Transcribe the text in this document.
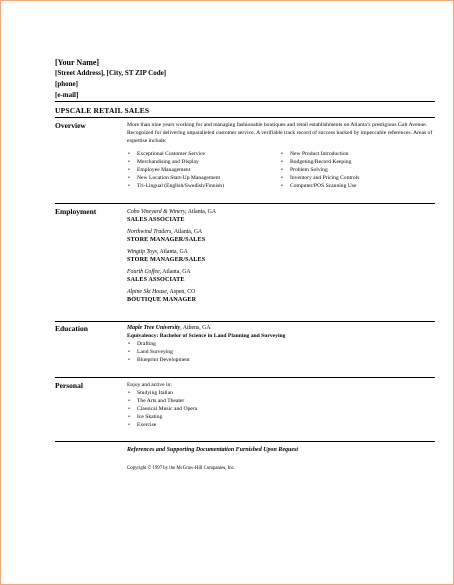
[Your Name]
[Street Address], [City, ST ZIP Code]
[phone]
[e-mail]
UPSCALE RETAIL SALES
Overview	More than nine years working for and managing fashionable boutiques and retail establishments on Atlanta’s prestigious Galt Avenue. Recognized for delivering unparalleled customer service. A verifiable track record of success backed by impeccable references. Areas of expertise include:

• Exceptional Customer Service
• Merchandising and Display
• Employee Management
• New Location Start-Up Management
• Tri-Lingual (English/Swedish/Finnish)
• New Product Introduction
• Budgeting/Record Keeping
• Problem Solving
• Inventory and Pricing Controls
• Computer/POS Scanning Use
Employment	Coho Vineyard & Winery, Atlanta, GA
SALES ASSOCIATE
Northwind Traders, Atlanta, GA
STORE MANAGER/SALES
Wingtip Toys, Atlanta, GA
STORE MANAGER/SALES
Fourth Coffee, Atlanta, GA
SALES ASSOCIATE
Alpine Ski House, Aspen, CO
BOUTIQUE MANAGER
Education	Maple Tree University, Athens, GA
Equivalency: Bachelor of Science in Land Planning and Surveying
• Drafting
• Land Surveying
• Blueprint Development
Personal	Enjoy and active in:

• Studying Italian
• The Arts and Theater
• Classical Music and Opera
• Ice Skating
• Exercise
References and Supporting Documentation Furnished Upon Request
Copyright © 1997 by the McGraw-Hill Companies, Inc.
